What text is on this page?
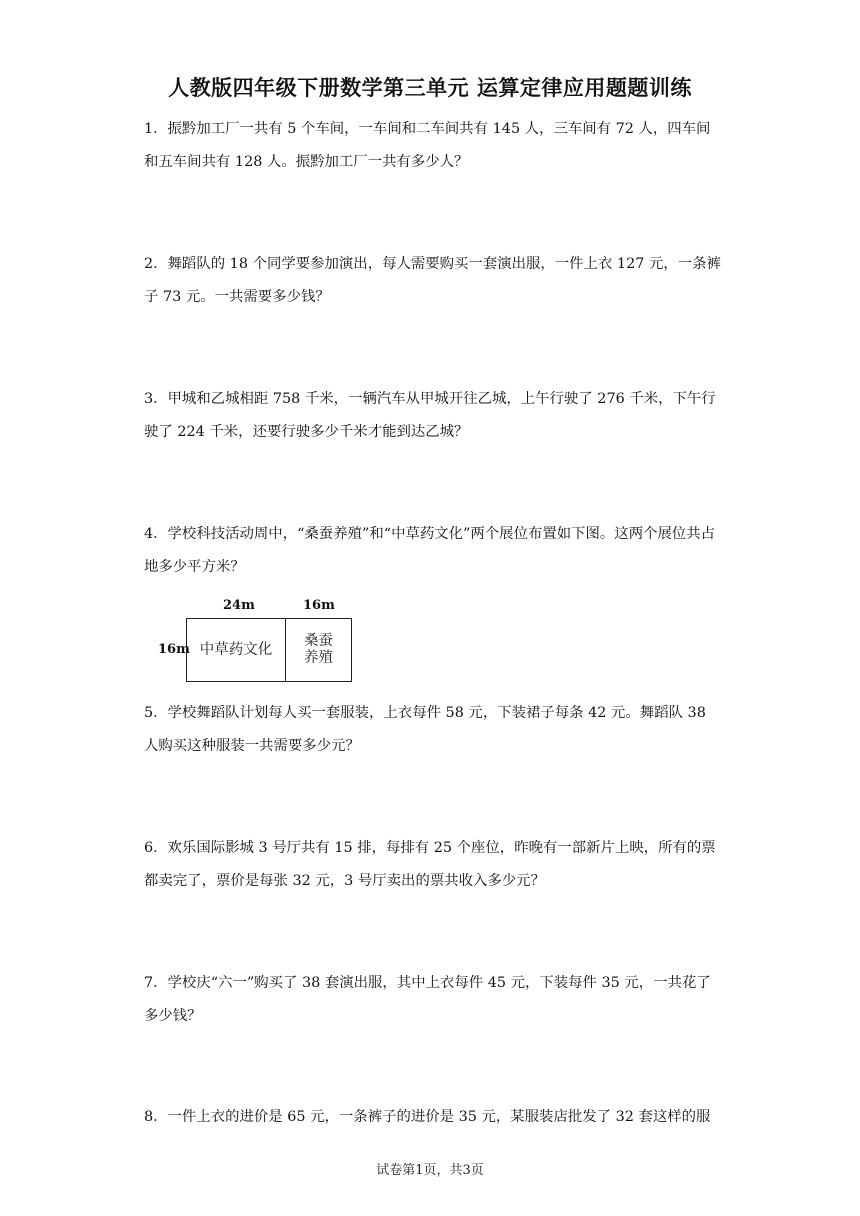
人教版四年级下册数学第三单元 运算定律应用题题训练
1．振黔加工厂一共有 5 个车间，一车间和二车间共有 145 人，三车间有 72 人，四车间和五车间共有 128 人。振黔加工厂一共有多少人？
2．舞蹈队的 18 个同学要参加演出，每人需要购买一套演出服，一件上衣 127 元，一条裤子 73 元。一共需要多少钱？
3．甲城和乙城相距 758 千米，一辆汽车从甲城开往乙城，上午行驶了 276 千米，下午行驶了 224 千米，还要行驶多少千米才能到达乙城？
4．学校科技活动周中，“桑蚕养殖”和“中草药文化”两个展位布置如下图。这两个展位共占地多少平方米？
24m	16m
16m 中草药文化
桑蚕
养殖
5．学校舞蹈队计划每人买一套服装，上衣每件 58 元，下装裙子每条 42 元。舞蹈队 38 人购买这种服装一共需要多少元？
6．欢乐国际影城 3 号厅共有 15 排，每排有 25 个座位，昨晚有一部新片上映，所有的票都卖完了，票价是每张 32 元，3 号厅卖出的票共收入多少元？
7．学校庆“六一”购买了 38 套演出服，其中上衣每件 45 元，下装每件 35 元，一共花了多少钱？
8．一件上衣的进价是 65 元，一条裤子的进价是 35 元，某服装店批发了 32 套这样的服
试卷第1页，共3页
